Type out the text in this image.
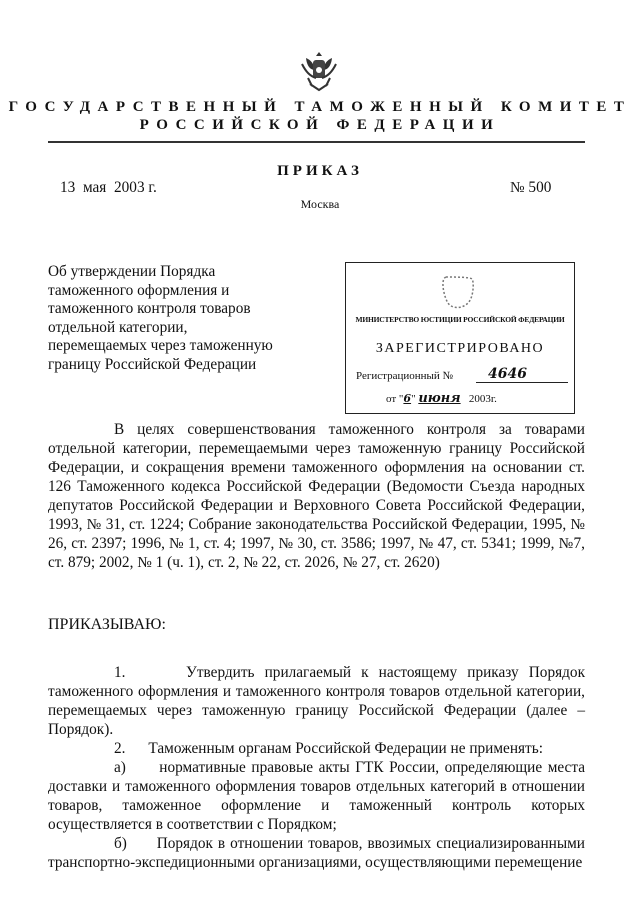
ГОСУДАРСТВЕННЫЙ ТАМОЖЕННЫЙ КОМИТЕТ
РОССИЙСКОЙ ФЕДЕРАЦИИ
ПРИКАЗ
13  мая  2003 г.	№ 500
Москва
Об утверждении Порядка
таможенного оформления и
таможенного контроля товаров
отдельной категории,
перемещаемых через таможенную
границу Российской Федерации
МИНИСТЕРСТВО ЮСТИЦИИ РОССИЙСКОЙ ФЕДЕРАЦИИ
ЗАРЕГИСТРИРОВАНО
Регистрационный №	4646
от "6" июня 2003г.
В целях совершенствования таможенного контроля за товарами отдельной категории, перемещаемыми через таможенную границу Российской Федерации, и сокращения времени таможенного оформления на основании ст. 126 Таможенного кодекса Российской Федерации (Ведомости Съезда народных депутатов Российской Федерации и Верховного Совета Российской Федерации, 1993, № 31, ст. 1224; Собрание законодательства Российской Федерации, 1995, № 26, ст. 2397; 1996, № 1, ст. 4; 1997, № 30, ст. 3586; 1997, № 47, ст. 5341; 1999, №7, ст. 879; 2002, № 1 (ч. 1), ст. 2, № 22, ст. 2026, № 27, ст. 2620)
ПРИКАЗЫВАЮ:
1.      Утвердить прилагаемый к настоящему приказу Порядок таможенного оформления и таможенного контроля товаров отдельной категории, перемещаемых через таможенную границу Российской Федерации (далее – Порядок).
2.      Таможенным органам Российской Федерации не применять:
а)      нормативные правовые акты ГТК России, определяющие места доставки и таможенного оформления товаров отдельных категорий в отношении товаров, таможенное оформление и таможенный контроль которых осуществляется в соответствии с Порядком;
б)      Порядок в отношении товаров, ввозимых специализированными транспортно-экспедиционными организациями, осуществляющими перемещение
